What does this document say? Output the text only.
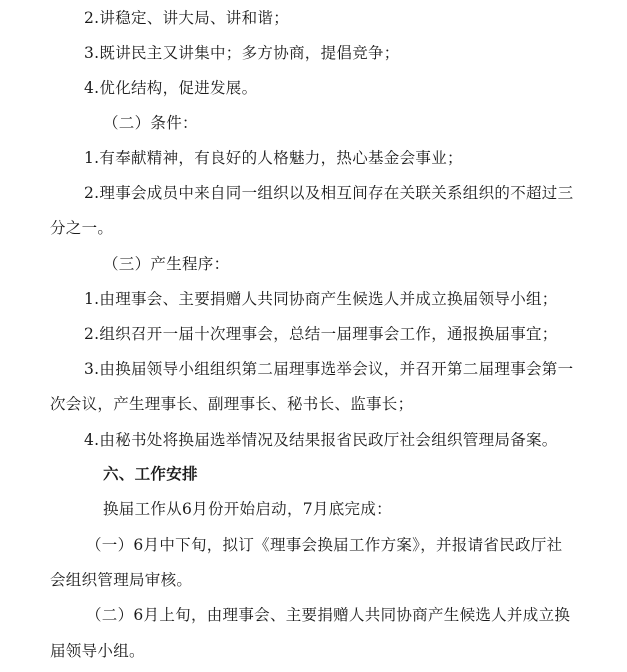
2.讲稳定、讲大局、讲和谐；
3.既讲民主又讲集中；多方协商，提倡竞争；
4.优化结构，促进发展。
（二）条件：
1.有奉献精神，有良好的人格魅力，热心基金会事业；
2.理事会成员中来自同一组织以及相互间存在关联关系组织的不超过三
分之一。
（三）产生程序：
1.由理事会、主要捐赠人共同协商产生候选人并成立换届领导小组；
2.组织召开一届十次理事会，总结一届理事会工作，通报换届事宜；
3.由换届领导小组组织第二届理事选举会议，并召开第二届理事会第一
次会议，产生理事长、副理事长、秘书长、监事长；
4.由秘书处将换届选举情况及结果报省民政厅社会组织管理局备案。
六、工作安排
换届工作从6月份开始启动，7月底完成：
（一）6月中下旬，拟订《理事会换届工作方案》，并报请省民政厅社
会组织管理局审核。
（二）6月上旬，由理事会、主要捐赠人共同协商产生候选人并成立换
届领导小组。
